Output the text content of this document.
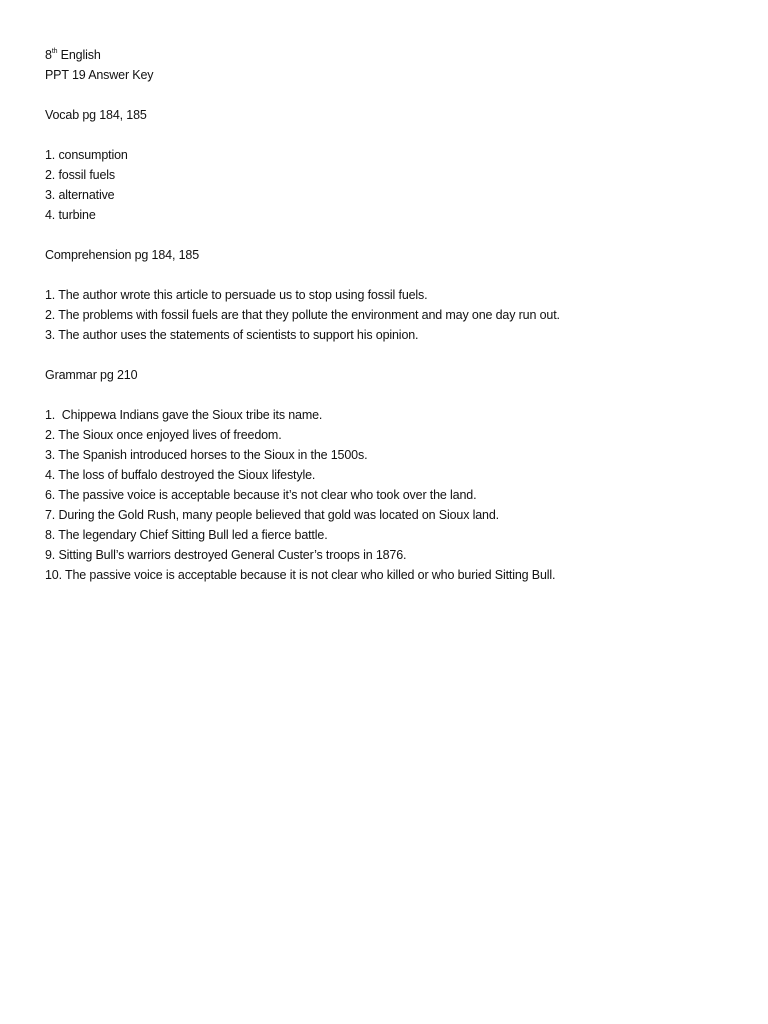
8th English
PPT 19 Answer Key
Vocab pg 184, 185
1. consumption
2. fossil fuels
3. alternative
4. turbine
Comprehension pg 184, 185
1. The author wrote this article to persuade us to stop using fossil fuels.
2. The problems with fossil fuels are that they pollute the environment and may one day run out.
3. The author uses the statements of scientists to support his opinion.
Grammar pg 210
1.  Chippewa Indians gave the Sioux tribe its name.
2. The Sioux once enjoyed lives of freedom.
3. The Spanish introduced horses to the Sioux in the 1500s.
4. The loss of buffalo destroyed the Sioux lifestyle.
6. The passive voice is acceptable because it’s not clear who took over the land.
7. During the Gold Rush, many people believed that gold was located on Sioux land.
8. The legendary Chief Sitting Bull led a fierce battle.
9. Sitting Bull’s warriors destroyed General Custer’s troops in 1876.
10. The passive voice is acceptable because it is not clear who killed or who buried Sitting Bull.
